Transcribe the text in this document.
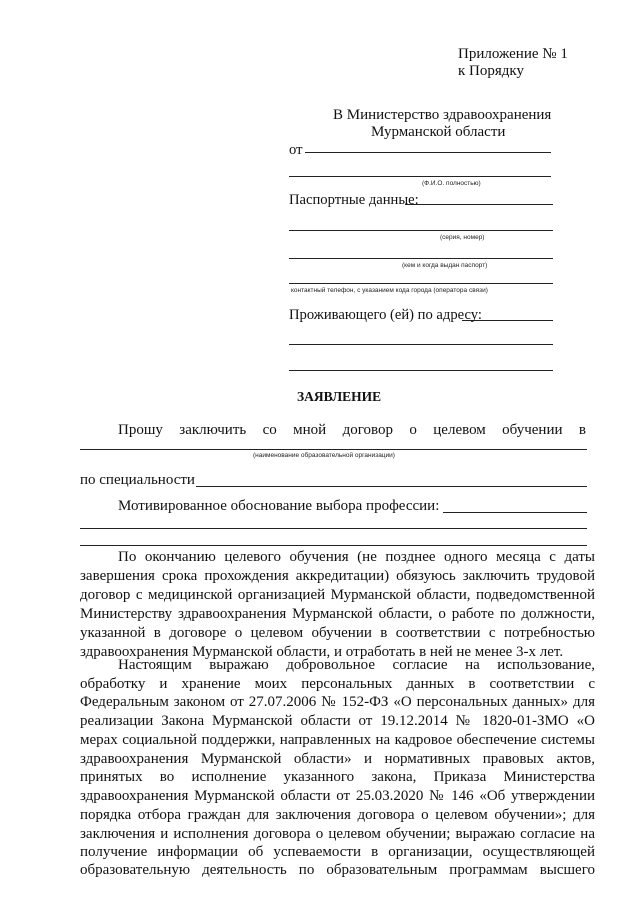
Приложение № 1
к Порядку
В Министерство здравоохранения
Мурманской области
от
(Ф.И.О. полностью)
Паспортные данные:
(серия, номер)
(кем и когда выдан паспорт)
контактный телефон, с указанием кода города (оператора связи)
Проживающего (ей) по адресу:
ЗАЯВЛЕНИЕ
Прошу заключить со мной договор о целевом обучении в
(наименование образовательной организации)
по специальности
Мотивированное обоснование выбора профессии:
По окончанию целевого обучения (не позднее одного месяца с даты
завершения срока прохождения аккредитации) обязуюсь заключить трудовой
договор с медицинской организацией Мурманской области, подведомственной
Министерству здравоохранения Мурманской области, о работе по должности,
указанной в договоре о целевом обучении в соответствии с потребностью
здравоохранения Мурманской области, и отработать в ней не менее 3-х лет.
Настоящим выражаю добровольное согласие на использование,
обработку и хранение моих персональных данных в соответствии с
Федеральным законом от 27.07.2006 № 152-ФЗ «О персональных данных» для
реализации Закона Мурманской области от 19.12.2014 № 1820-01-ЗМО «О
мерах социальной поддержки, направленных на кадровое обеспечение системы
здравоохранения Мурманской области» и нормативных правовых актов,
принятых во исполнение указанного закона, Приказа Министерства
здравоохранения Мурманской области от 25.03.2020 № 146 «Об утверждении
порядка отбора граждан для заключения договора о целевом обучении»; для
заключения и исполнения договора о целевом обучении; выражаю согласие на
получение информации об успеваемости в организации, осуществляющей
образовательную деятельность по образовательным программам высшего
